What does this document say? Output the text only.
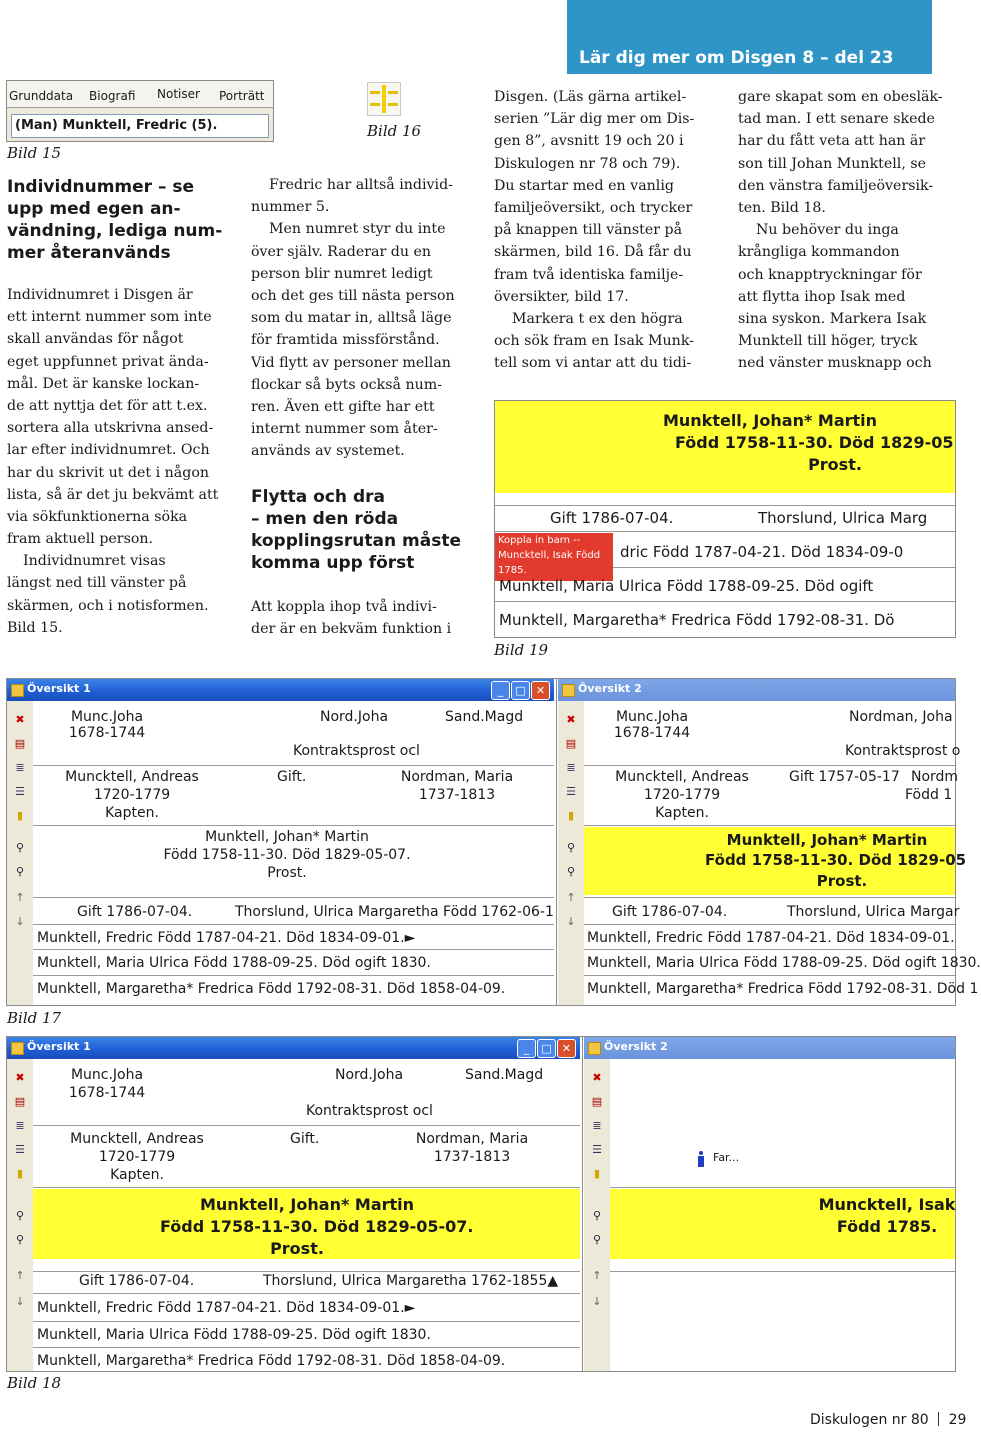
Lär dig mer om Disgen 8 – del 23
Grunddata Biografi Notiser Porträtt
(Man) Munktell, Fredric (5).
Bild 15
Individnummer – se
upp med egen an-
vändning, lediga num-
mer återanvänds
Individnumret i Disgen är
ett internt nummer som inte
skall användas för något
eget uppfunnet privat ända-
mål. Det är kanske lockan-
de att nyttja det för att t.ex.
sortera alla utskrivna ansed-
lar efter individnumret. Och
har du skrivit ut det i någon
lista, så är det ju bekvämt att
via sökfunktionerna söka
fram aktuell person.
Individnumret visas
längst ned till vänster på
skärmen, och i notisformen.
Bild 15.
Bild 16
Fredric har alltså individ-
nummer 5.
Men numret styr du inte
över själv. Raderar du en
person blir numret ledigt
och det ges till nästa person
som du matar in, alltså läge
för framtida missförstånd.
Vid flytt av personer mellan
flockar så byts också num-
ren. Även ett gifte har ett
internt nummer som åter-
används av systemet.
Flytta och dra
– men den röda
kopplingsrutan måste
komma upp först
Att koppla ihop två indivi-
der är en bekväm funktion i
Disgen. (Läs gärna artikel-
serien ”Lär dig mer om Dis-
gen 8”, avsnitt 19 och 20 i
Diskulogen nr 78 och 79).
Du startar med en vanlig
familjeöversikt, och trycker
på knappen till vänster på
skärmen, bild 16. Då får du
fram två identiska familje-
översikter, bild 17.
Markera t ex den högra
och sök fram en Isak Munk-
tell som vi antar att du tidi-
gare skapat som en obesläk-
tad man. I ett senare skede
har du fått veta att han är
son till Johan Munktell, se
den vänstra familjeöversik-
ten. Bild 18.
Nu behöver du inga
krångliga kommandon
och knapptryckningar för
att flytta ihop Isak med
sina syskon. Markera Isak
Munktell till höger, tryck
ned vänster musknapp och
Munktell, Johan* Martin
Född 1758-11-30. Död 1829-05
Prost.
Gift 1786-07-04.	Thorslund, Ulrica Marg
Koppla in barn --
Muncktell, Isak Född
1785.
dric Född 1787-04-21. Död 1834-09-0
Munktell, Maria Ulrica Född 1788-09-25. Död ogift
Munktell, Margaretha* Fredrica Född 1792-08-31. Dö
Bild 19
Översikt 1	_	□ ✕
✖
▤
≣
☰
▮
⚲
⚲
↑
↓
Munc.Joha
1678-1744
Nord.Joha	Sand.Magd
Kontraktsprost ocl
Muncktell, Andreas
1720-1779
Kapten.
Gift.	Nordman, Maria
1737-1813
Munktell, Johan* Martin
Född 1758-11-30. Död 1829-05-07.
Prost.
Gift 1786-07-04.	Thorslund, Ulrica Margaretha Född 1762-06-1
Munktell, Fredric Född 1787-04-21. Död 1834-09-01.►
Munktell, Maria Ulrica Född 1788-09-25. Död ogift 1830.
Munktell, Margaretha* Fredrica Född 1792-08-31. Död 1858-04-09.
Översikt 2
✖
▤
≣
☰
▮
⚲
⚲
↑
↓
Munc.Joha
1678-1744
Nordman, Joha
Kontraktsprost o
Muncktell, Andreas
1720-1779
Kapten.
Gift 1757-05-17 Nordm
Född 1
Munktell, Johan* Martin
Född 1758-11-30. Död 1829-05
Prost.
Gift 1786-07-04.	Thorslund, Ulrica Margar
Munktell, Fredric Född 1787-04-21. Död 1834-09-01.
Munktell, Maria Ulrica Född 1788-09-25. Död ogift 1830.
Munktell, Margaretha* Fredrica Född 1792-08-31. Död 1
Bild 17
Översikt 1	_	□ ✕
✖
▤
≣
☰
▮
⚲
⚲
↑
↓
Munc.Joha
1678-1744
Nord.Joha	Sand.Magd
Kontraktsprost ocl
Muncktell, Andreas
1720-1779
Kapten.
Gift.	Nordman, Maria
1737-1813
Munktell, Johan* Martin
Född 1758-11-30. Död 1829-05-07.
Prost.
Gift 1786-07-04.	Thorslund, Ulrica Margaretha 1762-1855▲
Munktell, Fredric Född 1787-04-21. Död 1834-09-01.►
Munktell, Maria Ulrica Född 1788-09-25. Död ogift 1830.
Munktell, Margaretha* Fredrica Född 1792-08-31. Död 1858-04-09.
Översikt 2
✖
▤
≣
☰
▮
⚲
⚲
↑
↓
Far...
Muncktell, Isak
Född 1785.
Bild 18
Diskulogen nr 80 29
